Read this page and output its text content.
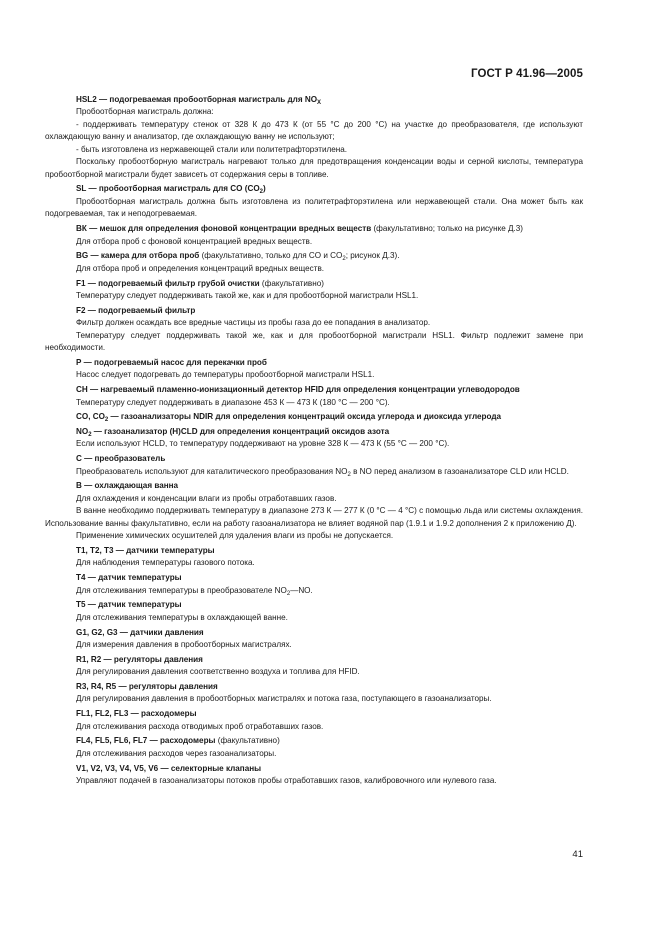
ГОСТ Р 41.96—2005

HSL2 — подогреваемая пробоотборная магистраль для $NO_X$

Пробоотборная магистраль должна:

- поддерживать температуру стенок от 328 К до 473 К (от 55 °С до 200 °С) на участке до преобразователя, где используют охлаждающую ванну и анализатор, где охлаждающую ванну не используют;

- быть изготовлена из нержавеющей стали или политетрафторэтилена.

Поскольку пробоотборную магистраль нагревают только для предотвращения конденсации воды и серной кислоты, температура пробоотборной магистрали будет зависеть от содержания серы в топливе.

SL — пробоотборная магистраль для CO $(CO_2)$

Пробоотборная магистраль должна быть изготовлена из политетрафторэтилена или нержавеющей стали. Она может быть как подогреваемая, так и неподогреваемая.

ВК — мешок для определения фоновой концентрации вредных веществ (факультативно; только на рисунке Д.3)

Для отбора проб с фоновой концентрацией вредных веществ.

BG — камера для отбора проб (факультативно, только для CO и $CO_2$; рисунок Д.3).

Для отбора проб и определения концентраций вредных веществ.

F1 — подогреваемый фильтр грубой очистки (факультативно)

Температуру следует поддерживать такой же, как и для пробоотборной магистрали HSL1.

F2 — подогреваемый фильтр

Фильтр должен осаждать все вредные частицы из пробы газа до ее попадания в анализатор.

Температуру следует поддерживать такой же, как и для пробоотборной магистрали HSL1. Фильтр подлежит замене при необходимости.

Р — подогреваемый насос для перекачки проб

Насос следует подогревать до температуры пробоотборной магистрали HSL1.

СН — нагреваемый пламенно-ионизационный детектор HFID для определения концентрации углеводородов

Температуру следует поддерживать в диапазоне 453 К — 473 К (180 °С — 200 °С).

CO, $CO_2$ — газоанализаторы NDIR для определения концентраций оксида углерода и диоксида углерода

$NO_2$ — газоанализатор (H)CLD для определения концентраций оксидов азота

Если используют HCLD, то температуру поддерживают на уровне 328 К — 473 К (55 °С — 200 °С).

С — преобразователь

Преобразователь используют для каталитического преобразования $NO_2$ в NO перед анализом в газоанализаторе CLD или HCLD.

В — охлаждающая ванна

Для охлаждения и конденсации влаги из пробы отработавших газов.

В ванне необходимо поддерживать температуру в диапазоне 273 К — 277 К (0 °С — 4 °С) с помощью льда или системы охлаждения. Использование ванны факультативно, если на работу газоанализатора не влияет водяной пар (1.9.1 и 1.9.2 дополнения 2 к приложению Д).

Применение химических осушителей для удаления влаги из пробы не допускается.

Т1, Т2, Т3 — датчики температуры

Для наблюдения температуры газового потока.

Т4 — датчик температуры

Для отслеживания температуры в преобразователе $NO_2—NO$.

Т5 — датчик температуры

Для отслеживания температуры в охлаждающей ванне.

G1, G2, G3 — датчики давления

Для измерения давления в пробоотборных магистралях.

R1, R2 — регуляторы давления

Для регулирования давления соответственно воздуха и топлива для HFID.

R3, R4, R5 — регуляторы давления

Для регулирования давления в пробоотборных магистралях и потока газа, поступающего в газоанализаторы.

FL1, FL2, FL3 — расходомеры

Для отслеживания расхода отводимых проб отработавших газов.

FL4, FL5, FL6, FL7 — расходомеры (факультативно)

Для отслеживания расходов через газоанализаторы.

V1, V2, V3, V4, V5, V6 — селекторные клапаны

Управляют подачей в газоанализаторы потоков пробы отработавших газов, калибровочного или нулевого газа.

41
